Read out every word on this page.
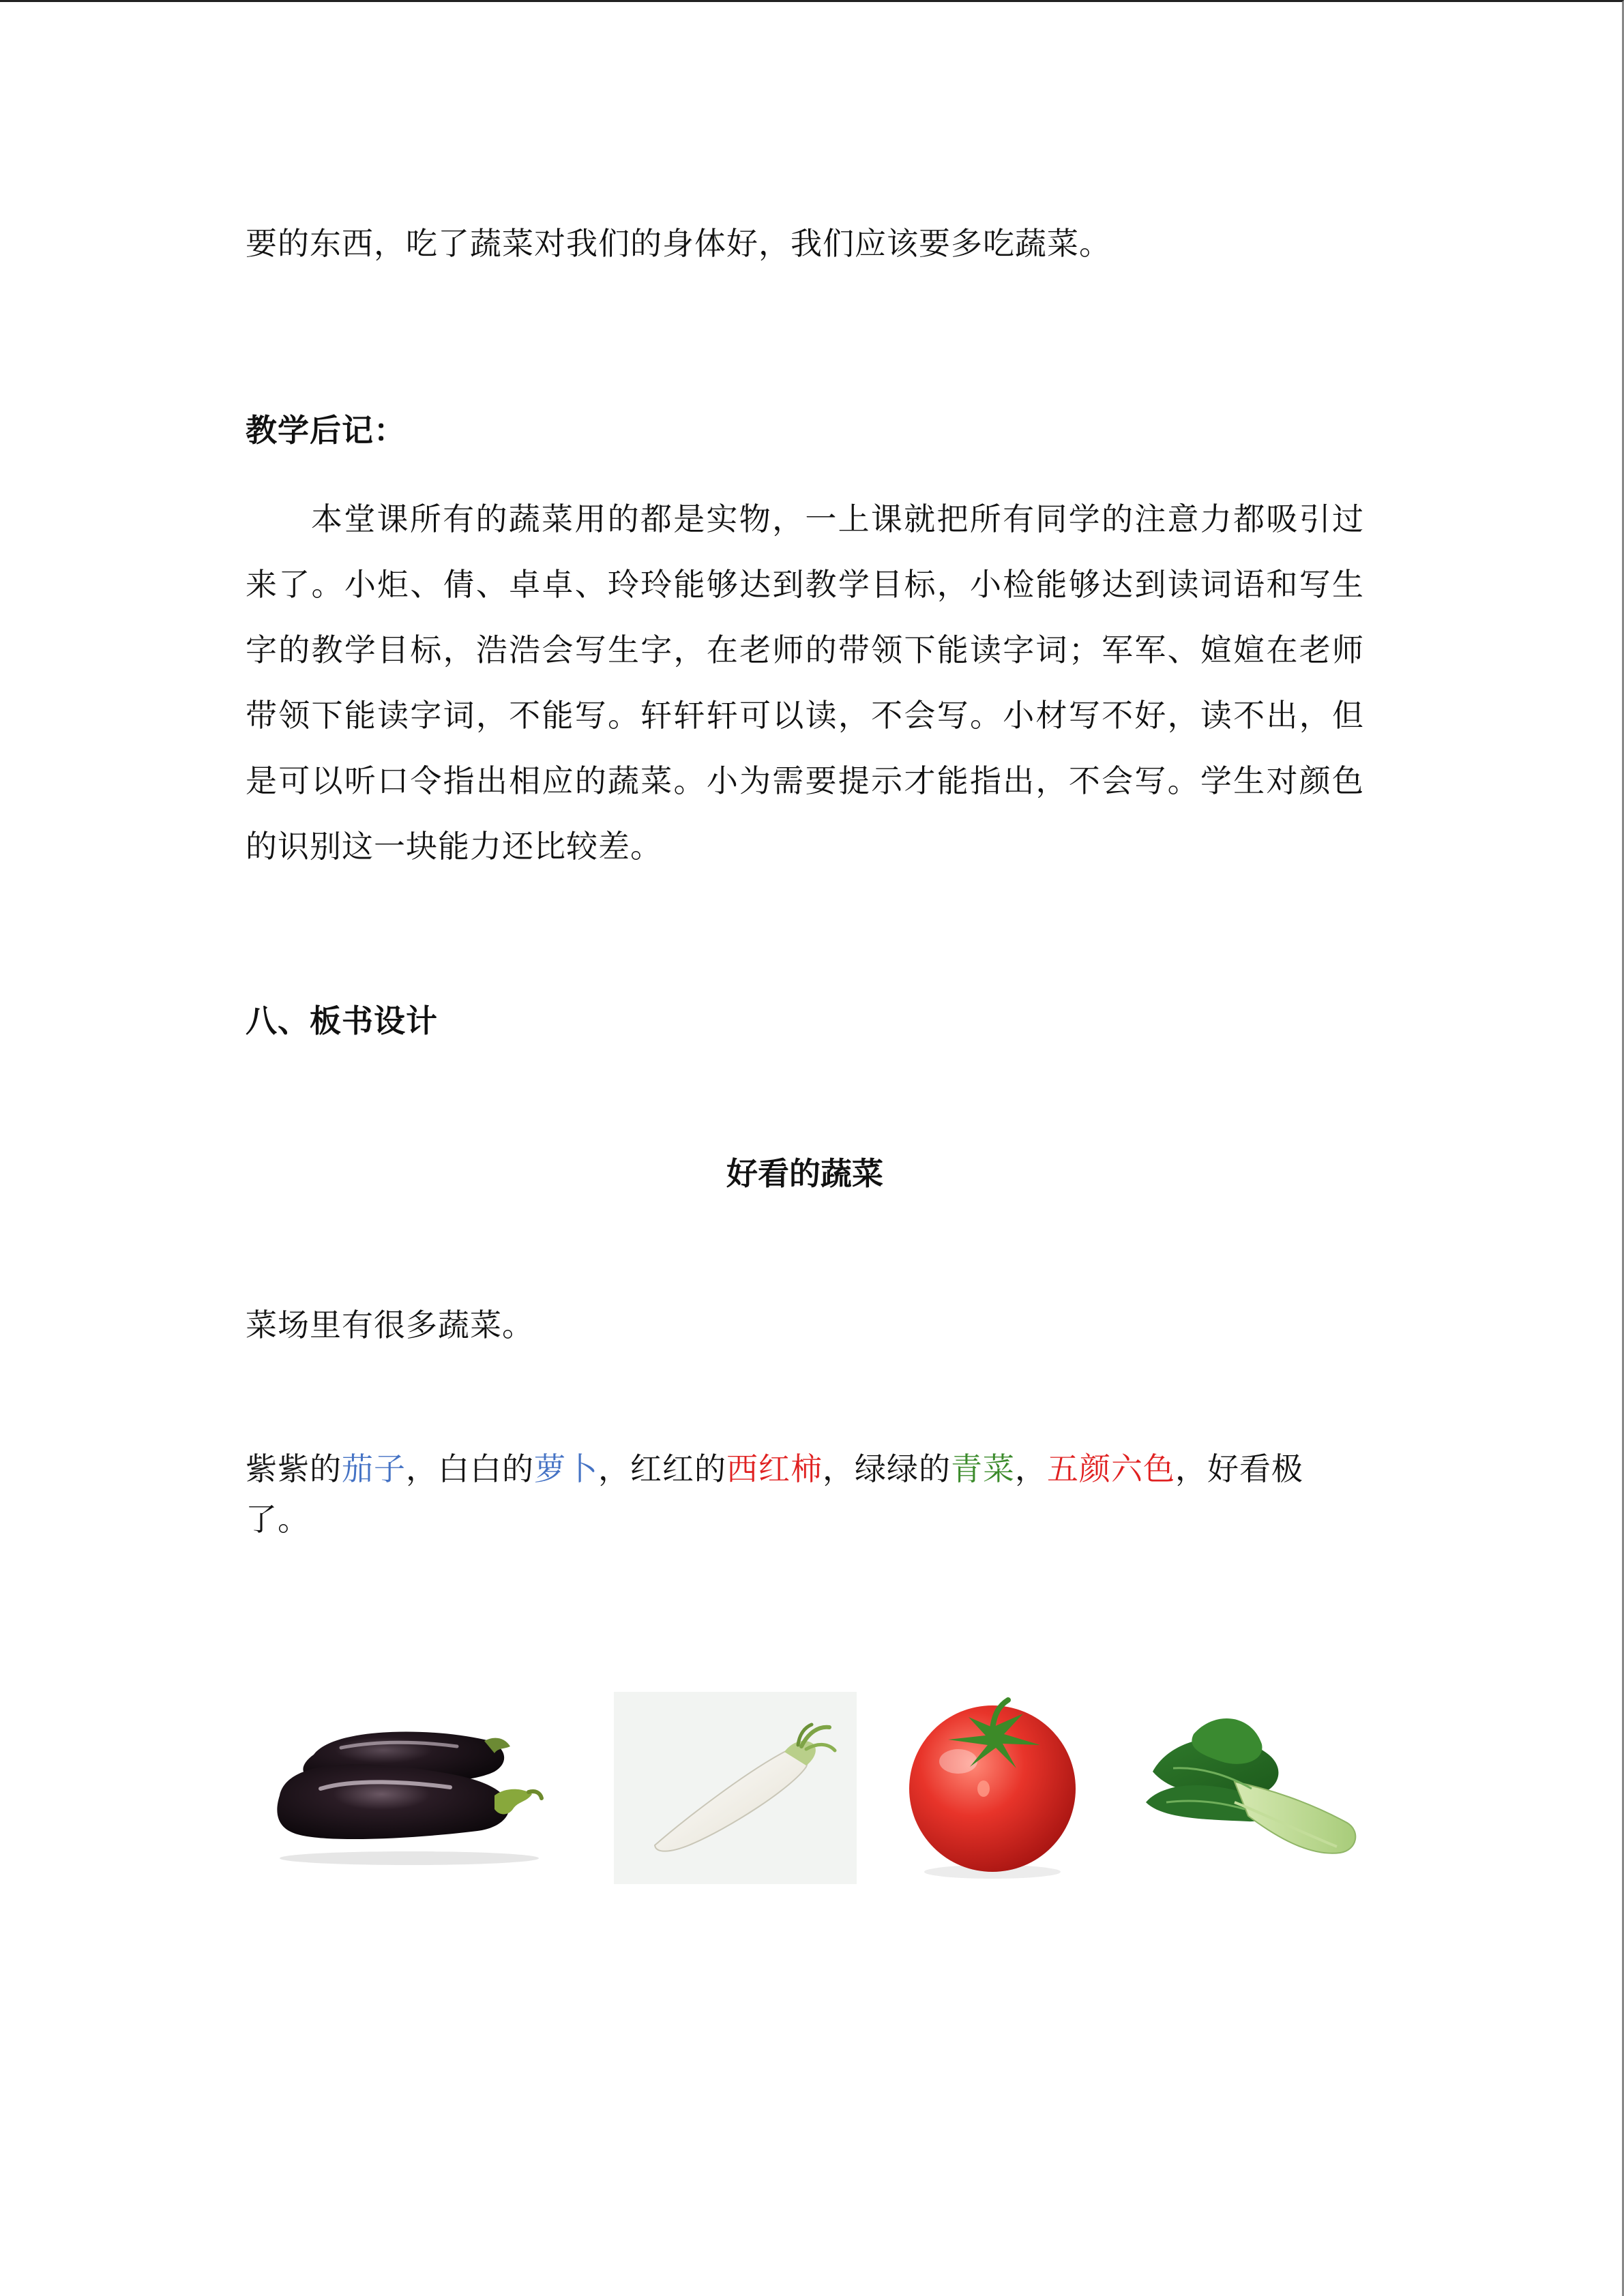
要的东西，吃了蔬菜对我们的身体好，我们应该要多吃蔬菜。
教学后记：
本堂课所有的蔬菜用的都是实物，一上课就把所有同学的注意力都吸引过来了。小炬、倩、卓卓、玲玲能够达到教学目标，小检能够达到读词语和写生字的教学目标，浩浩会写生字，在老师的带领下能读字词；军军、媗媗在老师带领下能读字词，不能写。轩轩轩可以读，不会写。小材写不好，读不出，但是可以听口令指出相应的蔬菜。小为需要提示才能指出，不会写。学生对颜色的识别这一块能力还比较差。
八、板书设计
好看的蔬菜
菜场里有很多蔬菜。
紫紫的茄子，白白的萝卜，红红的西红柿，绿绿的青菜，五颜六色，好看极了。
